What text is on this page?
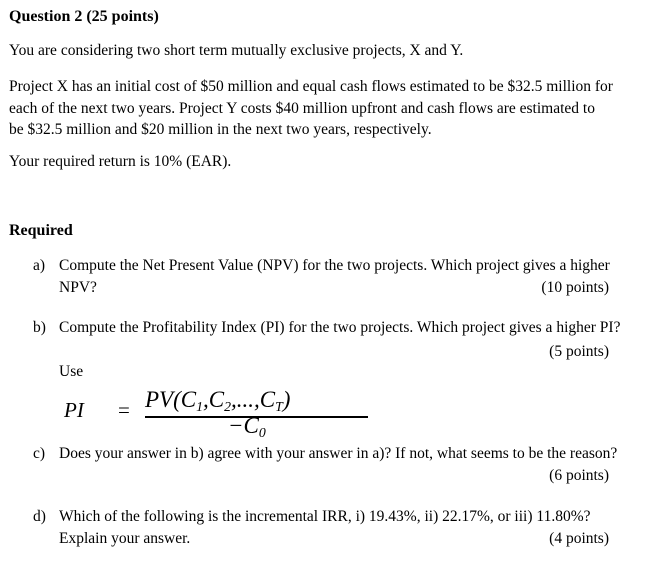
Question 2 (25 points)
You are considering two short term mutually exclusive projects, X and Y.
Project X has an initial cost of $50 million and equal cash flows estimated to be $32.5 million for
each of the next two years. Project Y costs $40 million upfront and cash flows are estimated to
be $32.5 million and $20 million in the next two years, respectively.
Your required return is 10% (EAR).
Required
a) Compute the Net Present Value (NPV) for the two projects. Which project gives a higher
NPV?	(10 points)
b) Compute the Profitability Index (PI) for the two projects. Which project gives a higher PI?
(5 points)
Use
PI = $PV(C_1,C_2,...,C_T)$
$-C_0$
c) Does your answer in b) agree with your answer in a)? If not, what seems to be the reason?
(6 points)
d) Which of the following is the incremental IRR, i) 19.43%, ii) 22.17%, or iii) 11.80%?
Explain your answer.	(4 points)
